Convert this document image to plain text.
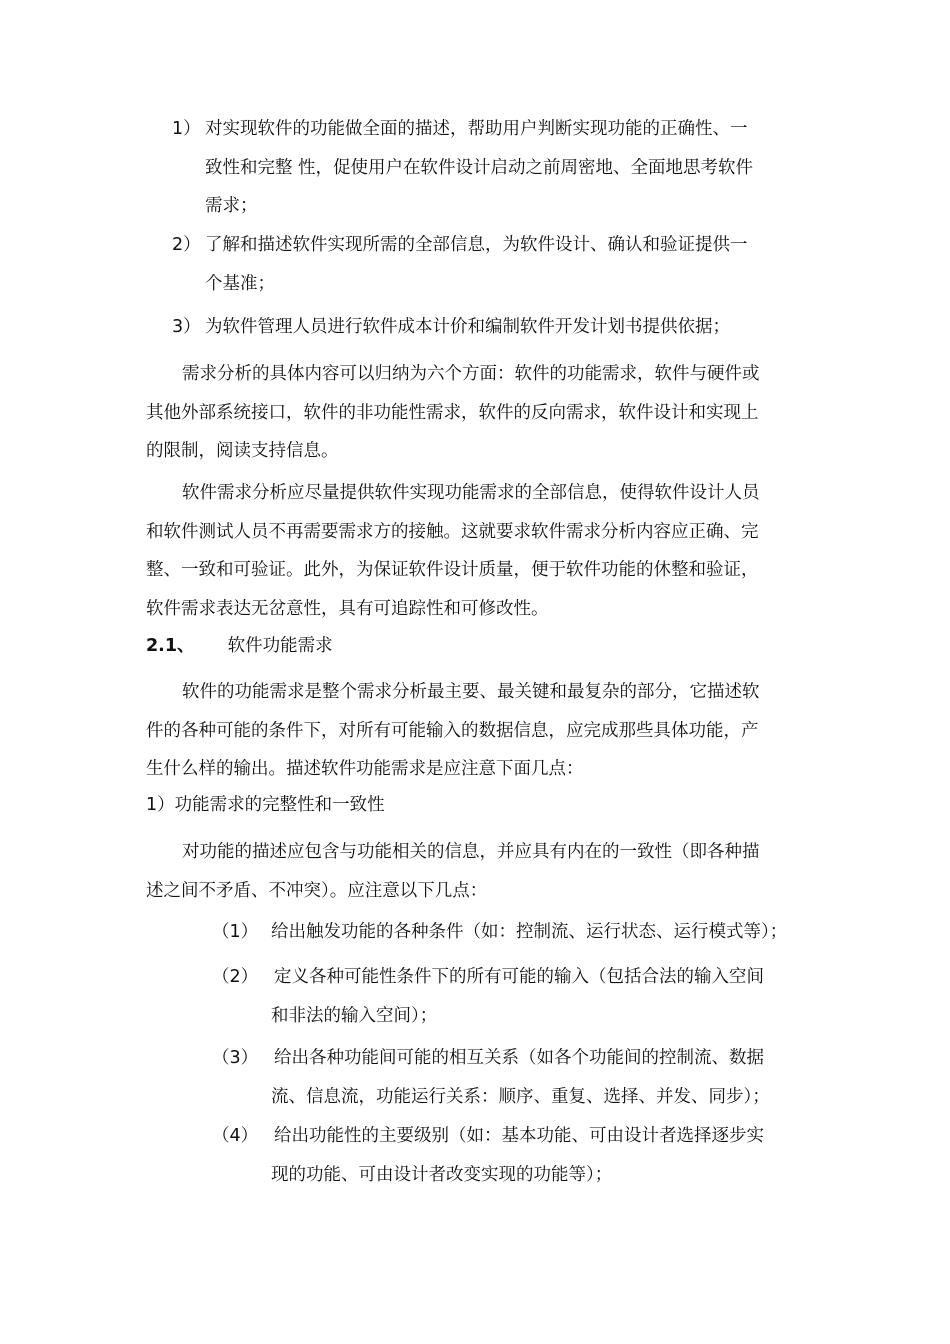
1） 对实现软件的功能做全面的描述，帮助用户判断实现功能的正确性、一
致性和完整 性，促使用户在软件设计启动之前周密地、全面地思考软件
需求；
2） 了解和描述软件实现所需的全部信息，为软件设计、确认和验证提供一
个基准；
3） 为软件管理人员进行软件成本计价和编制软件开发计划书提供依据；
需求分析的具体内容可以归纳为六个方面：软件的功能需求，软件与硬件或
其他外部系统接口，软件的非功能性需求，软件的反向需求，软件设计和实现上
的限制，阅读支持信息。
软件需求分析应尽量提供软件实现功能需求的全部信息，使得软件设计人员
和软件测试人员不再需要需求方的接触。这就要求软件需求分析内容应正确、完
整、一致和可验证。此外，为保证软件设计质量，便于软件功能的休整和验证，
软件需求表达无岔意性，具有可追踪性和可修改性。
2.1、 软件功能需求
软件的功能需求是整个需求分析最主要、最关键和最复杂的部分，它描述软
件的各种可能的条件下，对所有可能输入的数据信息，应完成那些具体功能，产
生什么样的输出。描述软件功能需求是应注意下面几点：
1）功能需求的完整性和一致性
对功能的描述应包含与功能相关的信息，并应具有内在的一致性（即各种描
述之间不矛盾、不冲突）。应注意以下几点：
（1） 给出触发功能的各种条件（如：控制流、运行状态、运行模式等）；
（2） 定义各种可能性条件下的所有可能的输入（包括合法的输入空间
和非法的输入空间）；
（3） 给出各种功能间可能的相互关系（如各个功能间的控制流、数据
流、信息流，功能运行关系：顺序、重复、选择、并发、同步）；
（4） 给出功能性的主要级别（如：基本功能、可由设计者选择逐步实
现的功能、可由设计者改变实现的功能等）；
